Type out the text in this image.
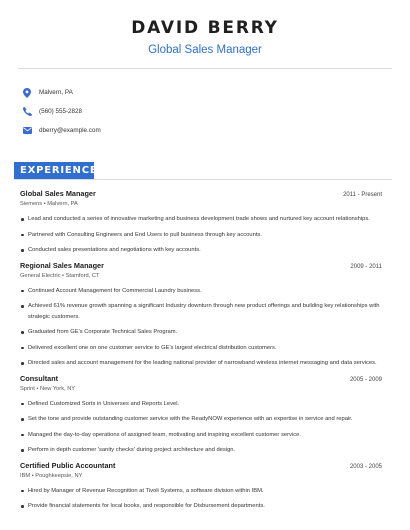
DAVID BERRY
Global Sales Manager
Malvern, PA
(560) 555-2828
dberry@example.com
EXPERIENCE
Global Sales Manager	2011 - Present
Siemens • Malvern, PA
Lead and conducted a series of innovative marketing and business development trade shows and nurtured key account relationships.
Partnered with Consulting Engineers and End Users to pull business through key accounts.
Conducted sales presentations and negotiations with key accounts.
Regional Sales Manager	2009 - 2011
General Electric • Stamford, CT
Continued Account Management for Commercial Laundry business.
Achieved 61% revenue growth spanning a significant Industry downturn through new product offerings and building key relationships with strategic customers.
Graduated from GE's Corporate Technical Sales Program.
Delivered excellent one on one customer service to GE's largest electrical distribution customers.
Directed sales and account management for the leading national provider of narrowband wireless internet messaging and data services.
Consultant	2005 - 2009
Sprint • New York, NY
Defined Customized Sorts in Universes and Reports Level.
Set the tone and provide outstanding customer service with the ReadyNOW experience with an expertise in service and repair.
Managed the day-to-day operations of assigned team, motivating and inspiring excellent customer service.
Perform in depth customer 'sanity checks' during project architecture and design.
Certified Public Accountant	2003 - 2005
IBM • Poughkeepsie, NY
Hired by Manager of Revenue Recognition at Tivoli Systems, a software division within IBM.
Provide financial statements for local books, and responsible for Disbursement departments.
